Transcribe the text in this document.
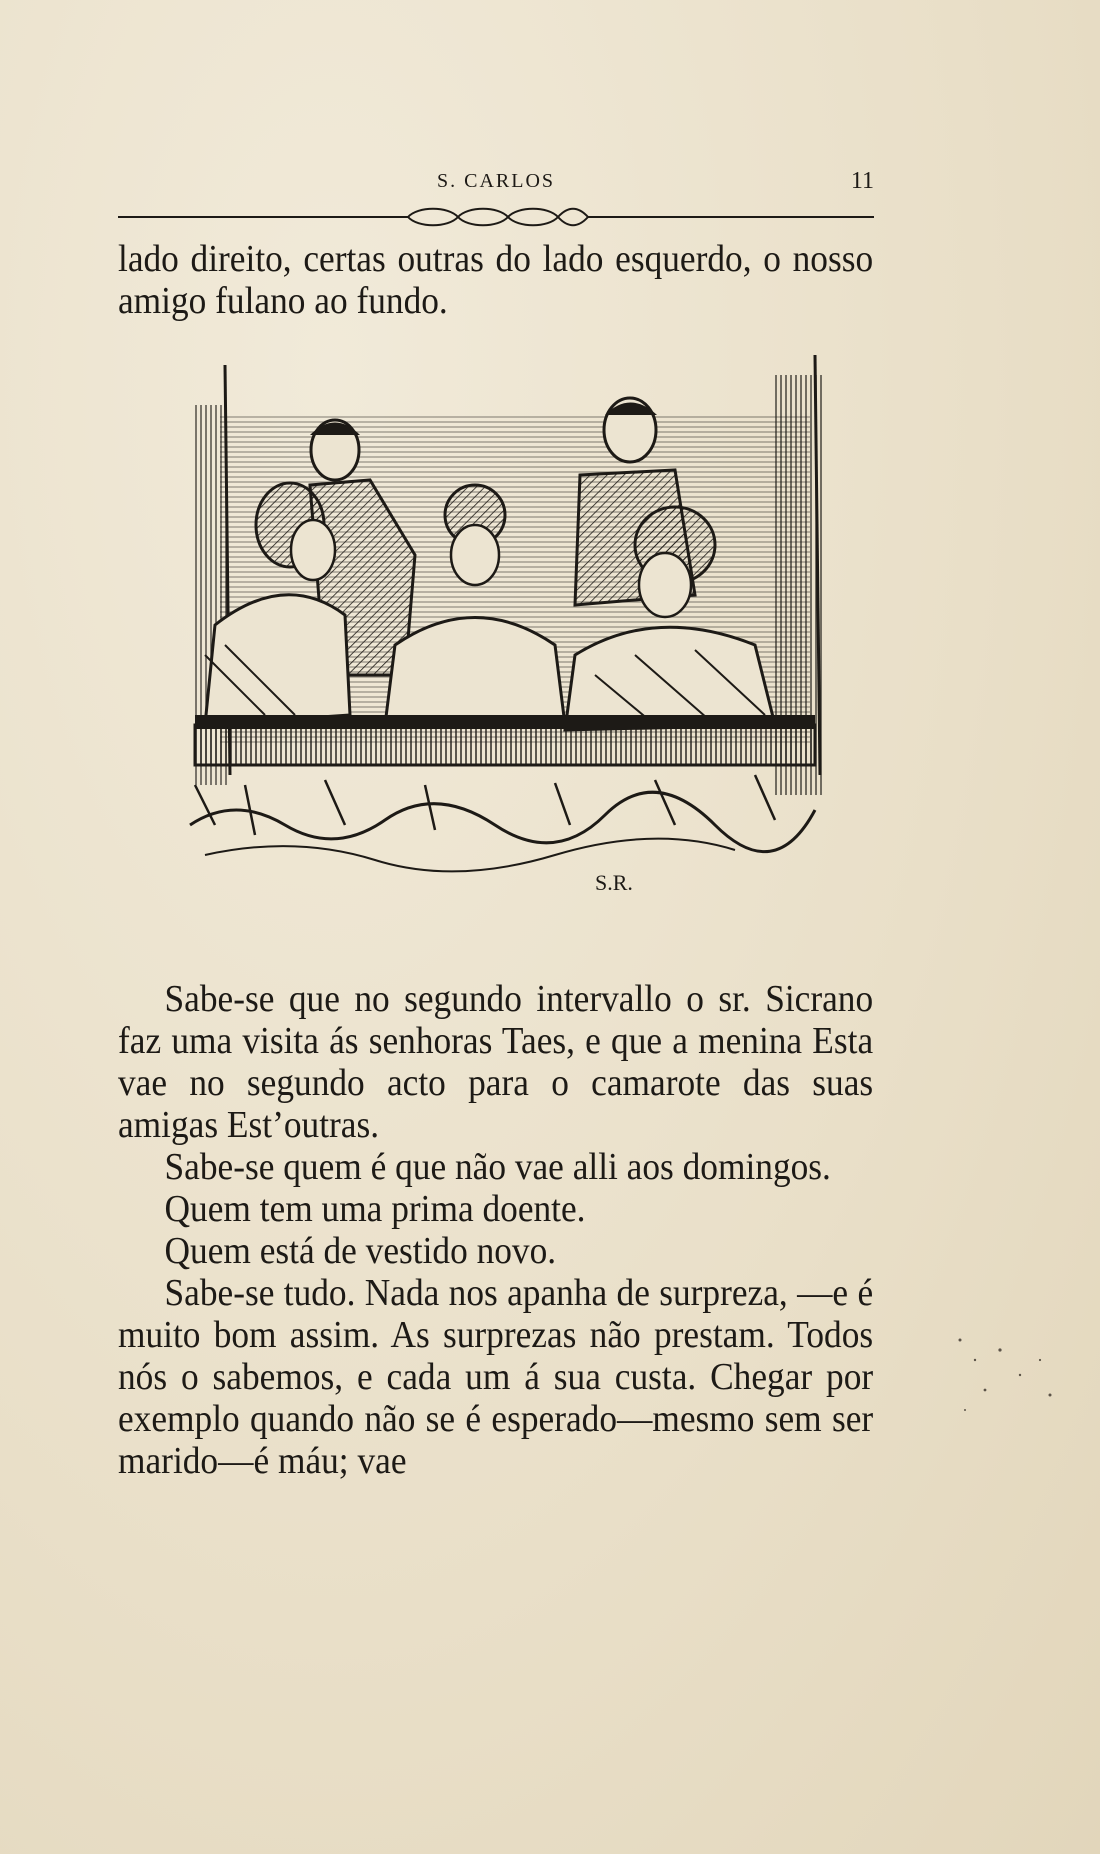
S. CARLOS	11

lado direito, certas outras do lado esquerdo, o nosso amigo fulano ao fundo.

S.R.

Sabe-se que no segundo intervallo o sr. Sicrano faz uma visita ás senhoras Taes, e que a menina Esta vae no segundo acto para o camarote das suas amigas Est’outras.

Sabe-se quem é que não vae alli aos domingos.

Quem tem uma prima doente.

Quem está de vestido novo.

Sabe-se tudo. Nada nos apanha de surpreza, —e é muito bom assim. As surprezas não prestam. Todos nós o sabemos, e cada um á sua custa. Chegar por exemplo quando não se é esperado—mesmo sem ser marido—é máu; vae
